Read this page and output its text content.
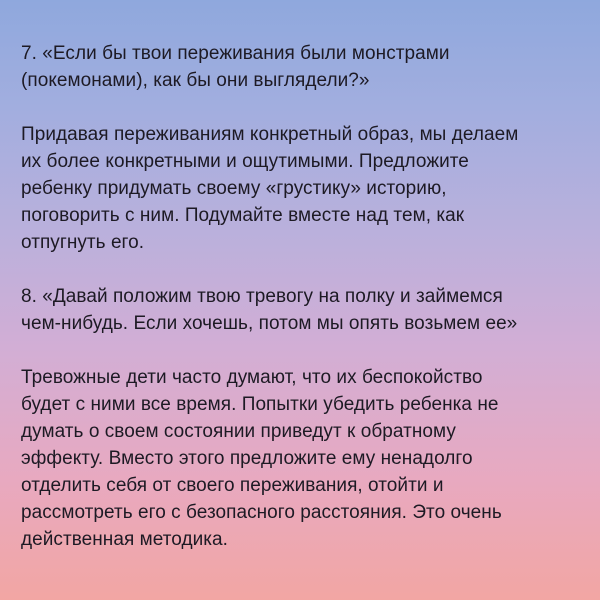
7. «Если бы твои переживания были монстрами
(покемонами), как бы они выглядели?»

Придавая переживаниям конкретный образ, мы делаем
их более конкретными и ощутимыми. Предложите
ребенку придумать своему «грустику» историю,
поговорить с ним. Подумайте вместе над тем, как
отпугнуть его.

8. «Давай положим твою тревогу на полку и займемся
чем-нибудь. Если хочешь, потом мы опять возьмем ее»

Тревожные дети часто думают, что их беспокойство
будет с ними все время. Попытки убедить ребенка не
думать о своем состоянии приведут к обратному
эффекту. Вместо этого предложите ему ненадолго
отделить себя от своего переживания, отойти и
рассмотреть его с безопасного расстояния. Это очень
действенная методика.
